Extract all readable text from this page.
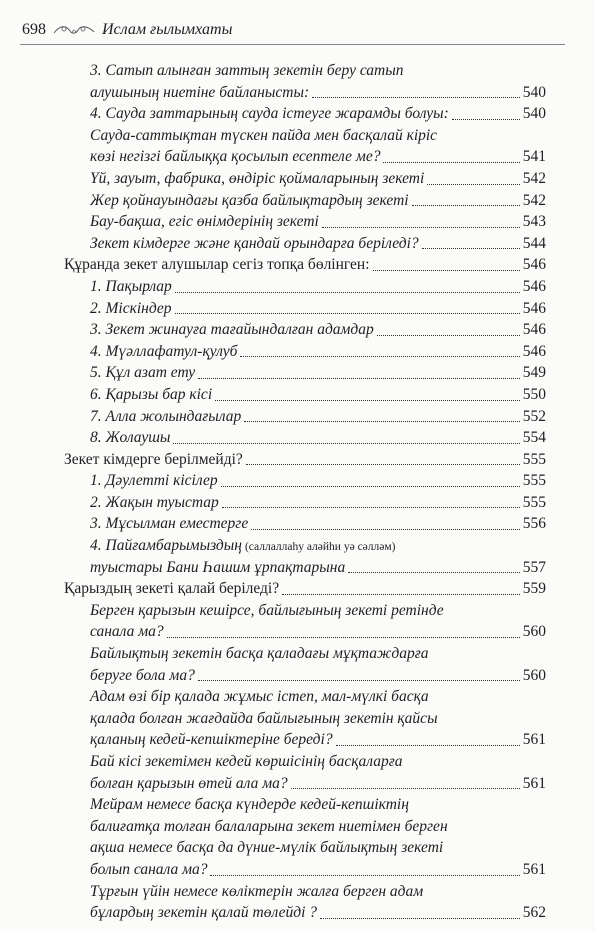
698	Ислам ғылымхаты
3. Сатып алынған заттың зекетін беру сатып
алушының ниетіне байланысты:	540
4. Сауда заттарының сауда істеуге жарамды болуы:	540
Сауда-саттықтан түскен пайда мен басқалай кіріс
көзі негізгі байлыққа қосылып есептеле ме?	541
Үй, зауыт, фабрика, өндіріс қоймаларының зекеті	542
Жер қойнауындағы қазба байлықтардың зекеті	542
Бау-бақша, егіс өнімдерінің зекеті	543
Зекет кімдерге және қандай орындарға беріледі?	544
Құранда зекет алушылар сегіз топқа бөлінген:	546
1. Пақырлар	546
2. Міскіндер	546
3. Зекет жинауға тағайындалған адамдар	546
4. Мүәллафатул-қулуб	546
5. Құл азат ету	549
6. Қарызы бар кісі	550
7. Алла жолындағылар	552
8. Жолаушы	554
Зекет кімдерге берілмейді?	555
1. Дәулетті кісілер	555
2. Жақын туыстар	555
3. Мұсылман еместерге	556
4. Пайғамбарымыздың (саллаллаһу аләйһи уә сәлләм)
туыстары Бани Һашим ұрпақтарына	557
Қарыздың зекеті қалай беріледі?	559
Берген қарызын кешірсе, байлығының зекеті ретінде
санала ма?	560
Байлықтың зекетін басқа қаладағы мұқтаждарға
беруге бола ма?	560
Адам өзі бір қалада жұмыс істеп, мал-мүлкі басқа
қалада болған жағдайда байлығының зекетін қайсы
қаланың кедей-кепшіктеріне береді?	561
Бай кісі зекетімен кедей көршісінің басқаларға
болған қарызын өтей ала ма?	561
Мейрам немесе басқа күндерде кедей-кепшіктің
балиғатқа толған балаларына зекет ниетімен берген
ақша немесе басқа да дүние-мүлік байлықтың зекеті
болып санала ма?	561
Тұрғын үйін немесе көліктерін жалға берген адам
бұлардың зекетін қалай төлейді ?	562
